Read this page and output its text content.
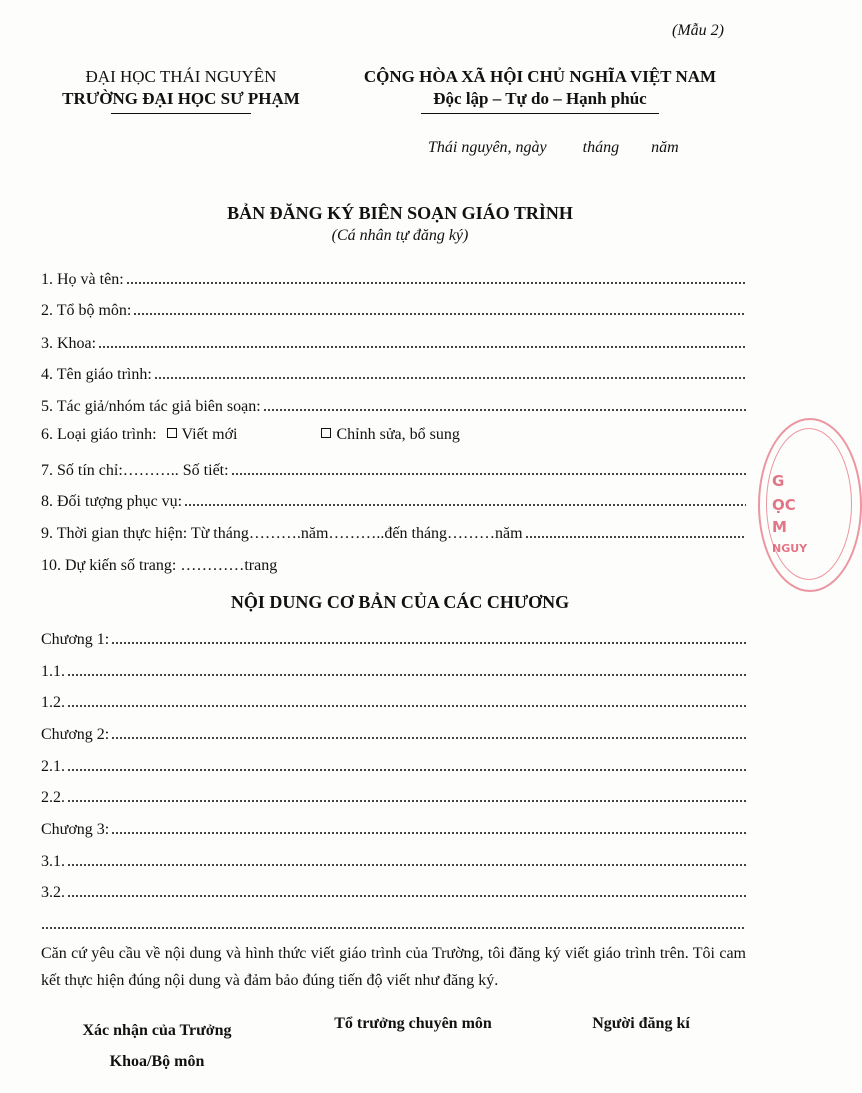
(Mẫu 2)
ĐẠI HỌC THÁI NGUYÊN
TRƯỜNG ĐẠI HỌC SƯ PHẠM
CỘNG HÒA XÃ HỘI CHỦ NGHĨA VIỆT NAM
Độc lập – Tự do – Hạnh phúc
Thái nguyên, ngày         tháng        năm
BẢN ĐĂNG KÝ BIÊN SOẠN GIÁO TRÌNH
(Cá nhân tự đăng ký)
1. Họ và tên:
2. Tổ bộ môn:
3. Khoa:
4. Tên giáo trình:
5. Tác giả/nhóm tác giả biên soạn:
6. Loại giáo trình: Viết mới	Chỉnh sửa, bổ sung
7. Số tín chỉ:……….. Số tiết:
8. Đối tượng phục vụ:
9. Thời gian thực hiện: Từ tháng……….năm………..đến tháng………năm
10. Dự kiến số trang: …………trang
NỘI DUNG CƠ BẢN CỦA CÁC CHƯƠNG
Chương 1:
1.1.
1.2.
Chương 2:
2.1.
2.2.
Chương 3:
3.1.
3.2.
Căn cứ yêu cầu về nội dung và hình thức viết giáo trình của Trường, tôi đăng ký viết giáo trình trên. Tôi cam kết thực hiện đúng nội dung và đảm bảo đúng tiến độ viết như đăng ký.
Xác nhận của Trưởng
Khoa/Bộ môn
Tổ trưởng chuyên môn	Người đăng kí
G
ỌC
M
NGUY
